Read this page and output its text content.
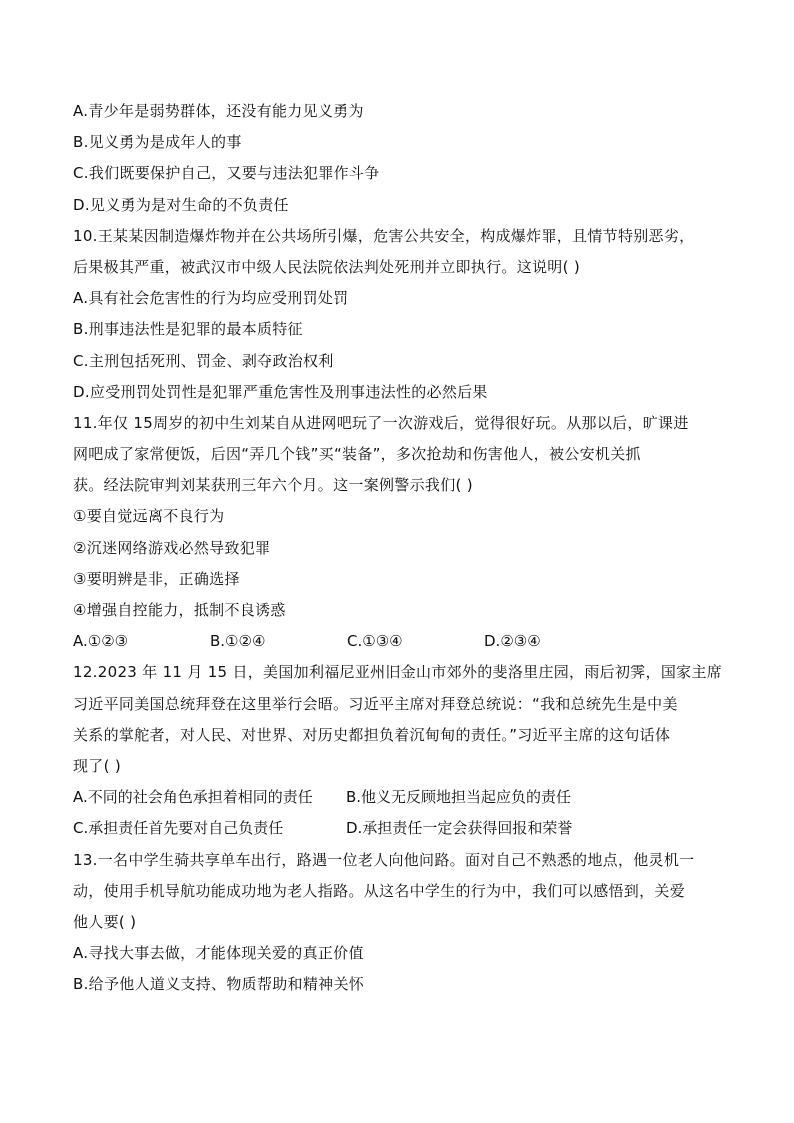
A.青少年是弱势群体，还没有能力见义勇为
B.见义勇为是成年人的事
C.我们既要保护自己，又要与违法犯罪作斗争
D.见义勇为是对生命的不负责任
10.王某某因制造爆炸物并在公共场所引爆，危害公共安全，构成爆炸罪，且情节特别恶劣，
后果极其严重，被武汉市中级人民法院依法判处死刑并立即执行。这说明( )
A.具有社会危害性的行为均应受刑罚处罚
B.刑事违法性是犯罪的最本质特征
C.主刑包括死刑、罚金、剥夺政治权利
D.应受刑罚处罚性是犯罪严重危害性及刑事违法性的必然后果
11.年仅 15周岁的初中生刘某自从进网吧玩了一次游戏后，觉得很好玩。从那以后，旷课进
网吧成了家常便饭，后因“弄几个钱”买“装备”，多次抢劫和伤害他人，被公安机关抓
获。经法院审判刘某获刑三年六个月。这一案例警示我们( )
①要自觉远离不良行为
②沉迷网络游戏必然导致犯罪
③要明辨是非，正确选择
④增强自控能力，抵制不良诱惑
A.①②③	B.①②④	C.①③④	D.②③④
12.2023 年 11 月 15 日，美国加利福尼亚州旧金山市郊外的斐洛里庄园，雨后初霁，国家主席
习近平同美国总统拜登在这里举行会晤。习近平主席对拜登总统说：“我和总统先生是中美
关系的掌舵者，对人民、对世界、对历史都担负着沉甸甸的责任。”习近平主席的这句话体
现了( )
A.不同的社会角色承担着相同的责任	B.他义无反顾地担当起应负的责任
C.承担责任首先要对自己负责任	D.承担责任一定会获得回报和荣誉
13.一名中学生骑共享单车出行，路遇一位老人向他问路。面对自己不熟悉的地点，他灵机一
动，使用手机导航功能成功地为老人指路。从这名中学生的行为中，我们可以感悟到，关爱
他人要( )
A.寻找大事去做，才能体现关爱的真正价值
B.给予他人道义支持、物质帮助和精神关怀
